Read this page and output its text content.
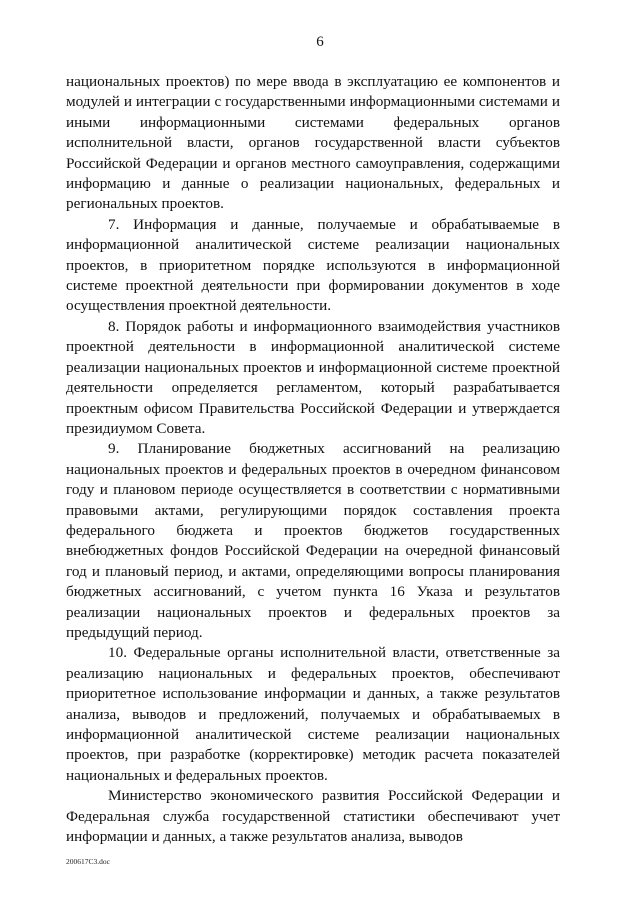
6

национальных проектов) по мере ввода в эксплуатацию ее компонентов и модулей и интеграции с государственными информационными системами и иными информационными системами федеральных органов исполнительной власти, органов государственной власти субъектов Российской Федерации и органов местного самоуправления, содержащими информацию и данные о реализации национальных, федеральных и региональных проектов.

7. Информация и данные, получаемые и обрабатываемые в информационной аналитической системе реализации национальных проектов, в приоритетном порядке используются в информационной системе проектной деятельности при формировании документов в ходе осуществления проектной деятельности.

8. Порядок работы и информационного взаимодействия участников проектной деятельности в информационной аналитической системе реализации национальных проектов и информационной системе проектной деятельности определяется регламентом, который разрабатывается проектным офисом Правительства Российской Федерации и утверждается президиумом Совета.

9. Планирование бюджетных ассигнований на реализацию национальных проектов и федеральных проектов в очередном финансовом году и плановом периоде осуществляется в соответствии с нормативными правовыми актами, регулирующими порядок составления проекта федерального бюджета и проектов бюджетов государственных внебюджетных фондов Российской Федерации на очередной финансовый год и плановый период, и актами, определяющими вопросы планирования бюджетных ассигнований, с учетом пункта 16 Указа и результатов реализации национальных проектов и федеральных проектов за предыдущий период.

10. Федеральные органы исполнительной власти, ответственные за реализацию национальных и федеральных проектов, обеспечивают приоритетное использование информации и данных, а также результатов анализа, выводов и предложений, получаемых и обрабатываемых в информационной аналитической системе реализации национальных проектов, при разработке (корректировке) методик расчета показателей национальных и федеральных проектов.

Министерство экономического развития Российской Федерации и Федеральная служба государственной статистики обеспечивают учет информации и данных, а также результатов анализа, выводов

200617C3.doc
